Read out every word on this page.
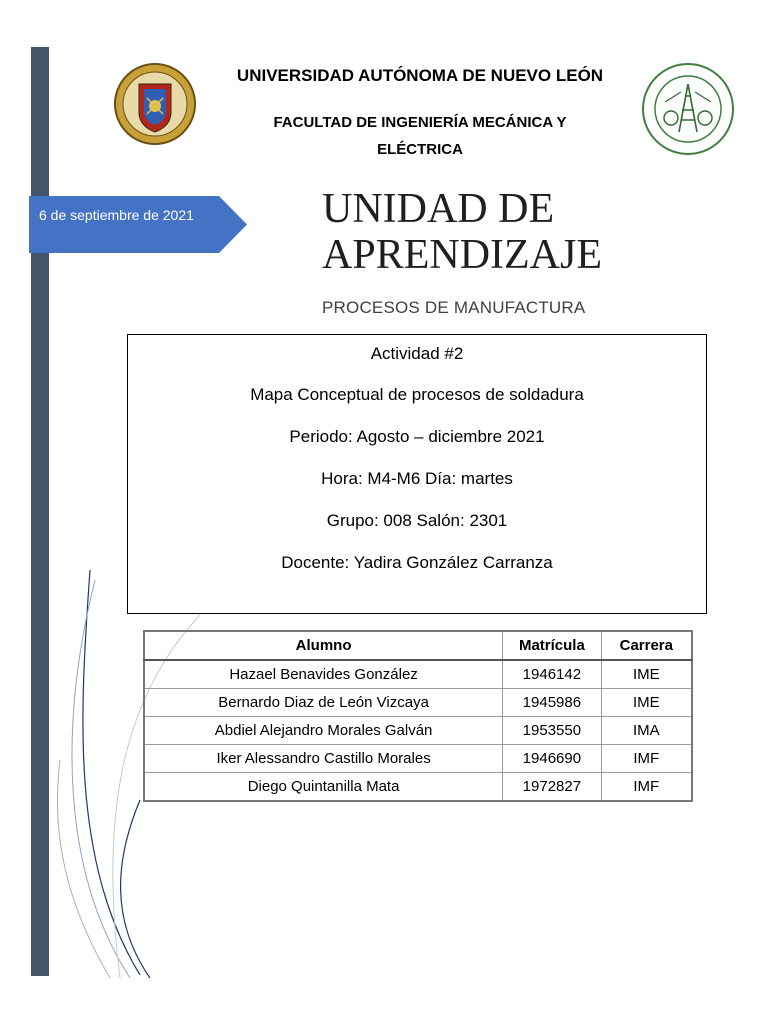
6 de septiembre de 2021
UNIVERSIDAD AUTÓNOMA DE NUEVO LEÓN
FACULTAD DE INGENIERÍA MECÁNICA Y
ELÉCTRICA
UNIDAD DE
APRENDIZAJE
PROCESOS DE MANUFACTURA
Actividad #2
Mapa Conceptual de procesos de soldadura
Periodo: Agosto – diciembre 2021
Hora: M4-M6 Día: martes
Grupo: 008 Salón: 2301
Docente: Yadira González Carranza
Alumno	Matrícula	Carrera
Hazael Benavides González	1946142	IME
Bernardo Diaz de León Vizcaya	1945986	IME
Abdiel Alejandro Morales Galván	1953550	IMA
Iker Alessandro Castillo Morales	1946690	IMF
Diego Quintanilla Mata	1972827	IMF
